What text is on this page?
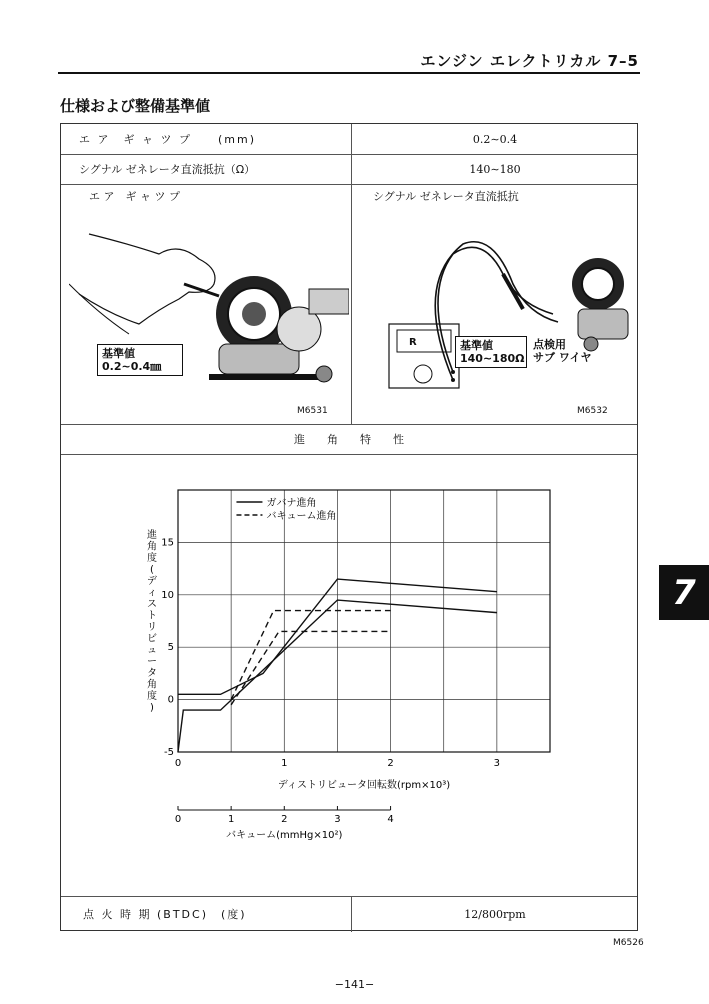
エンジン エレクトリカル 7–5
仕様および整備基準値
エ ア　ギ ャ ツ プ　　(mm)	0.2∼0.4
シグナル ゼネレータ直流抵抗（Ω）	140∼180
エ ア　ギ ャ ツ プ	シグナル ゼネレータ直流抵抗
基準値
0.2∼0.4㎜
M6531
R	基準値
140∼180Ω
点検用
サブ ワイヤ
M6532
進　　角　　特　　性
点 火 時 期 (BTDC)　(度)	12/800rpm
-5
0
5
10
15
0	1	2	3
進
角
度
(
デ
ィ
ス
ト
リ
ビ
ュ
ー
タ
角
度
)
ディストリビュータ回転数(rpm×10³)
0	1	2	3	4
バキューム(mmHg×10²)
ガバナ進角
バキューム進角
M6526
−141−
7
